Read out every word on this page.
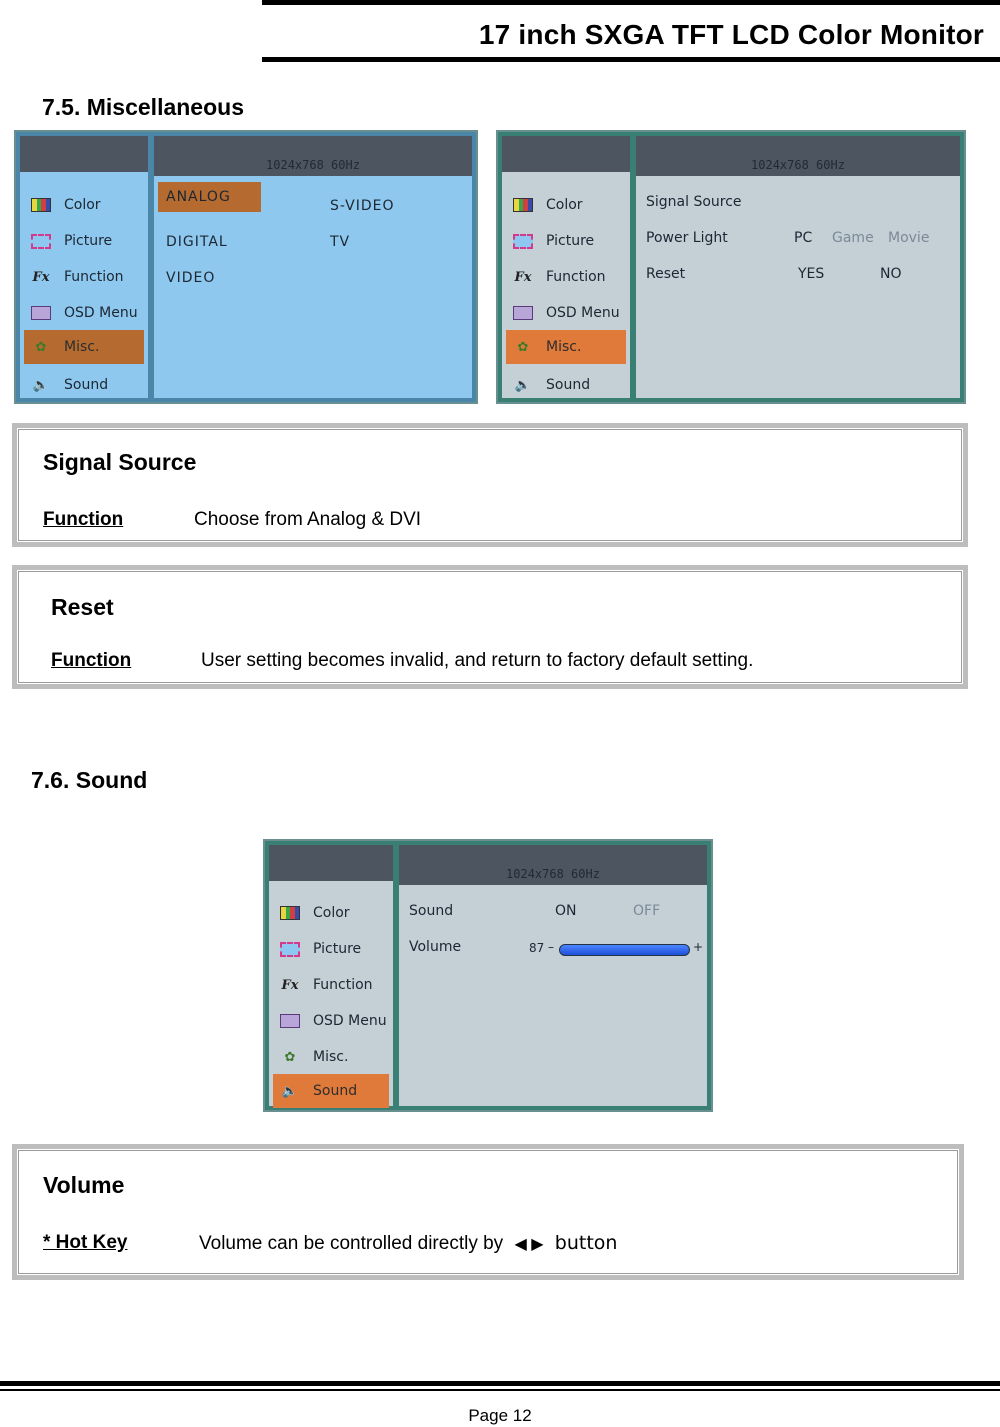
17 inch SXGA TFT LCD Color Monitor
7.5. Miscellaneous
Color
Picture
Fx Function
OSD Menu
✿	Misc.
🔈 Sound
1024x768 60Hz
ANALOG
S-VIDEO
DIGITAL	TV
VIDEO
Color
Picture
Fx Function
OSD Menu
✿	Misc.
🔈 Sound
1024x768 60Hz
Signal Source
Power Light	PC Game Movie
Reset	YES	NO
Signal Source
Function	Choose from Analog & DVI
Reset
Function	User setting becomes invalid, and return to factory default setting.
7.6. Sound
Color
Picture
Fx Function
OSD Menu
✿	Misc.
🔈 Sound
1024x768 60Hz
Sound	ON	OFF
Volume	87 –	+
Volume
* Hot Key	Volume can be controlled directly by ◀ ▶ button
Page 12
